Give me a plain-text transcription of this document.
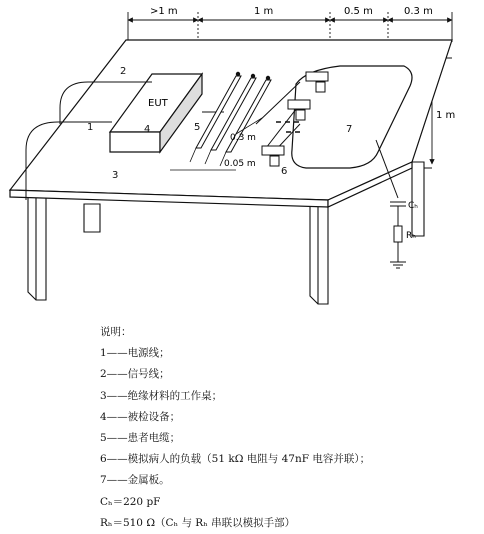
>1 m	1 m	0.5 m	0.3 m
1 m
EUT
0.3 m
0.05 m
Cₕ
Rₕ
1
2
3
4	5
6
7
说明：
1——电源线；
2——信号线；
3——绝缘材料的工作桌；
4——被检设备；
5——患者电缆；
6——模拟病人的负载（51 kΩ 电阻与 47nF 电容并联）；
7——金属板。
Cₕ＝220 pF
Rₕ＝510 Ω（Cₕ 与 Rₕ 串联以模拟手部）
